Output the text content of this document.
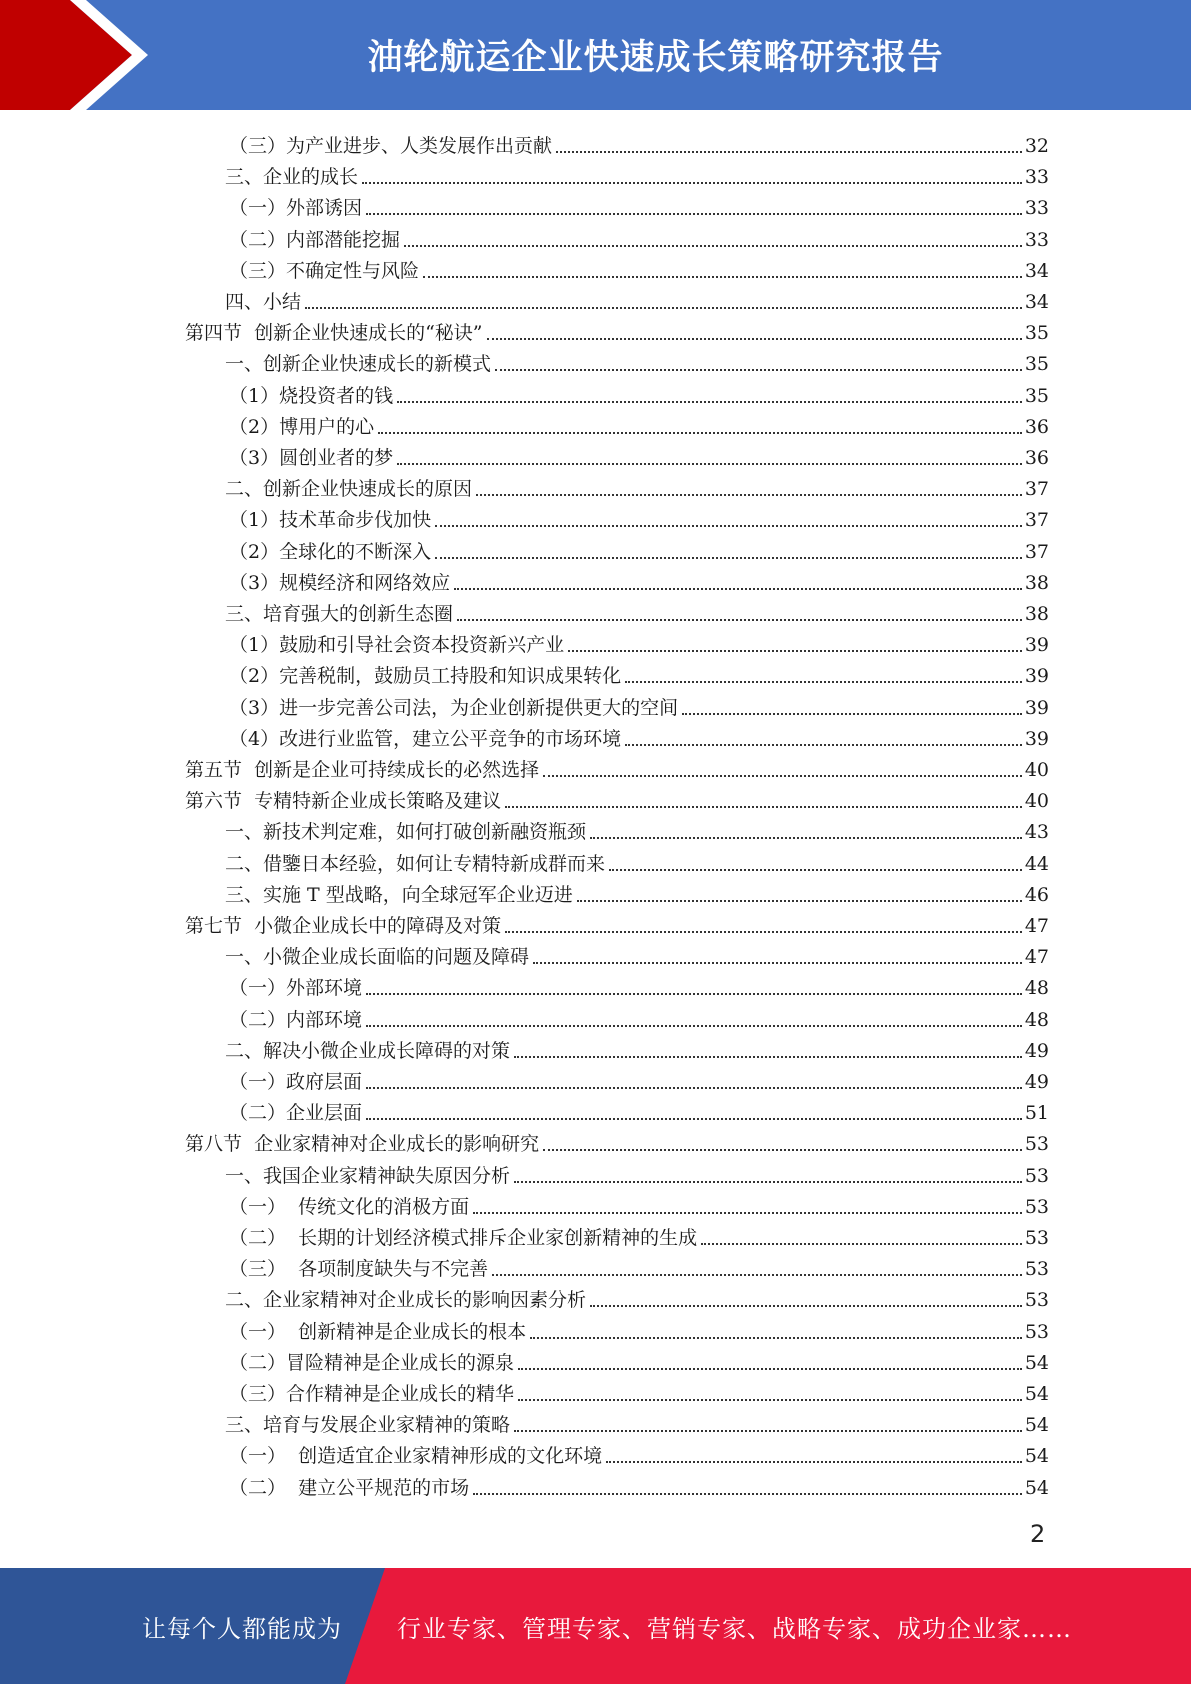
油轮航运企业快速成长策略研究报告
（三）为产业进步、人类发展作出贡献	32
三、企业的成长	33
（一）外部诱因	33
（二）内部潜能挖掘	33
（三）不确定性与风险	34
四、小结	34
第四节  创新企业快速成长的“秘诀”	35
一、创新企业快速成长的新模式	35
（1）烧投资者的钱	35
（2）博用户的心	36
（3）圆创业者的梦	36
二、创新企业快速成长的原因	37
（1）技术革命步伐加快	37
（2）全球化的不断深入	37
（3）规模经济和网络效应	38
三、培育强大的创新生态圈	38
（1）鼓励和引导社会资本投资新兴产业	39
（2）完善税制，鼓励员工持股和知识成果转化	39
（3）进一步完善公司法，为企业创新提供更大的空间	39
（4）改进行业监管，建立公平竞争的市场环境	39
第五节  创新是企业可持续成长的必然选择	40
第六节  专精特新企业成长策略及建议	40
一、新技术判定难，如何打破创新融资瓶颈	43
二、借鑒日本经验，如何让专精特新成群而来	44
三、实施 T 型战略，向全球冠军企业迈进	46
第七节  小微企业成长中的障碍及对策	47
一、小微企业成长面临的问题及障碍	47
（一）外部环境	48
（二）内部环境	48
二、解决小微企业成长障碍的对策	49
（一）政府层面	49
（二）企业层面	51
第八节  企业家精神对企业成长的影响研究	53
一、我国企业家精神缺失原因分析	53
（一）  传统文化的消极方面	53
（二）  长期的计划经济模式排斥企业家创新精神的生成	53
（三）  各项制度缺失与不完善	53
二、企业家精神对企业成长的影响因素分析	53
（一）  创新精神是企业成长的根本	53
（二）冒险精神是企业成长的源泉	54
（三）合作精神是企业成长的精华	54
三、培育与发展企业家精神的策略	54
（一）  创造适宜企业家精神形成的文化环境	54
（二）  建立公平规范的市场	54
2
让每个人都能成为 行业专家、管理专家、营销专家、战略专家、成功企业家……
